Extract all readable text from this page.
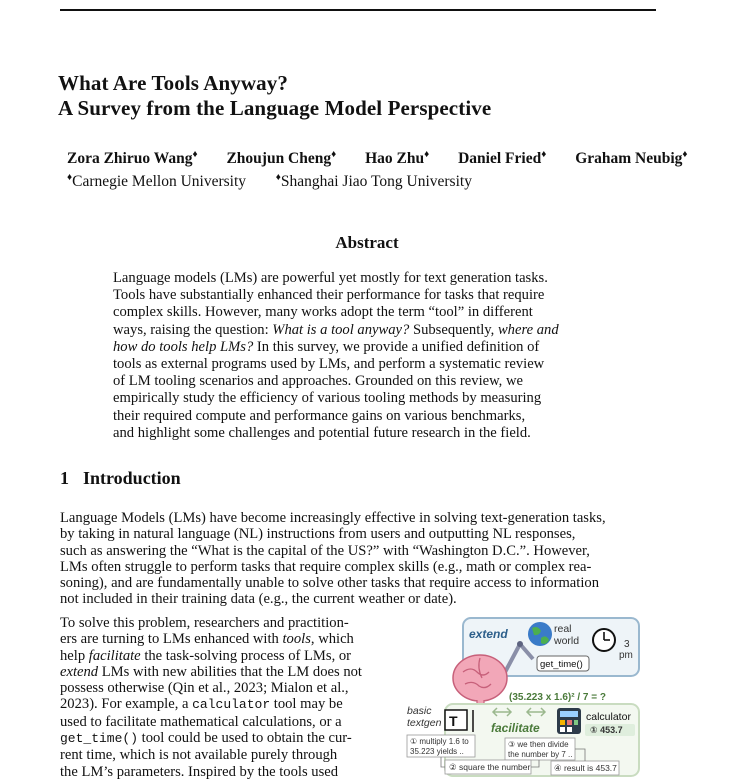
What Are Tools Anyway?
A Survey from the Language Model Perspective
Zora Zhiruo Wang♦ Zhoujun Cheng♦ Hao Zhu♦ Daniel Fried♦ Graham Neubig♦
♦Carnegie Mellon University	♦Shanghai Jiao Tong University
Abstract
Language models (LMs) are powerful yet mostly for text generation tasks.
Tools have substantially enhanced their performance for tasks that require
complex skills. However, many works adopt the term “tool” in different
ways, raising the question: What is a tool anyway? Subsequently, where and
how do tools help LMs? In this survey, we provide a unified definition of
tools as external programs used by LMs, and perform a systematic review
of LM tooling scenarios and approaches. Grounded on this review, we
empirically study the efficiency of various tooling methods by measuring
their required compute and performance gains on various benchmarks,
and highlight some challenges and potential future research in the field.
1 Introduction
Language Models (LMs) have become increasingly effective in solving text-generation tasks,
by taking in natural language (NL) instructions from users and outputting NL responses,
such as answering the “What is the capital of the US?” with “Washington D.C.”. However,
LMs often struggle to perform tasks that require complex skills (e.g., math or complex rea-
soning), and are fundamentally unable to solve other tasks that require access to information
not included in their training data (e.g., the current weather or date).
To solve this problem, researchers and practition-
ers are turning to LMs enhanced with tools, which
help facilitate the task-solving process of LMs, or
extend LMs with new abilities that the LM does not
possess otherwise (Qin et al., 2023; Mialon et al.,
2023). For example, a calculator tool may be
used to facilitate mathematical calculations, or a
get_time() tool could be used to obtain the cur-
rent time, which is not available purely through
the LM’s parameters. Inspired by the tools used
extend	real
world	3
pm
get_time()
(35.223 x 1.6)² / 7 = ?
basic
textgen T	facilitate
calculator
① 453.7
① multiply 1.6 to
35.223 yields ..
③ we then divide
the number by 7 ..
② square the number	④ result is 453.7
